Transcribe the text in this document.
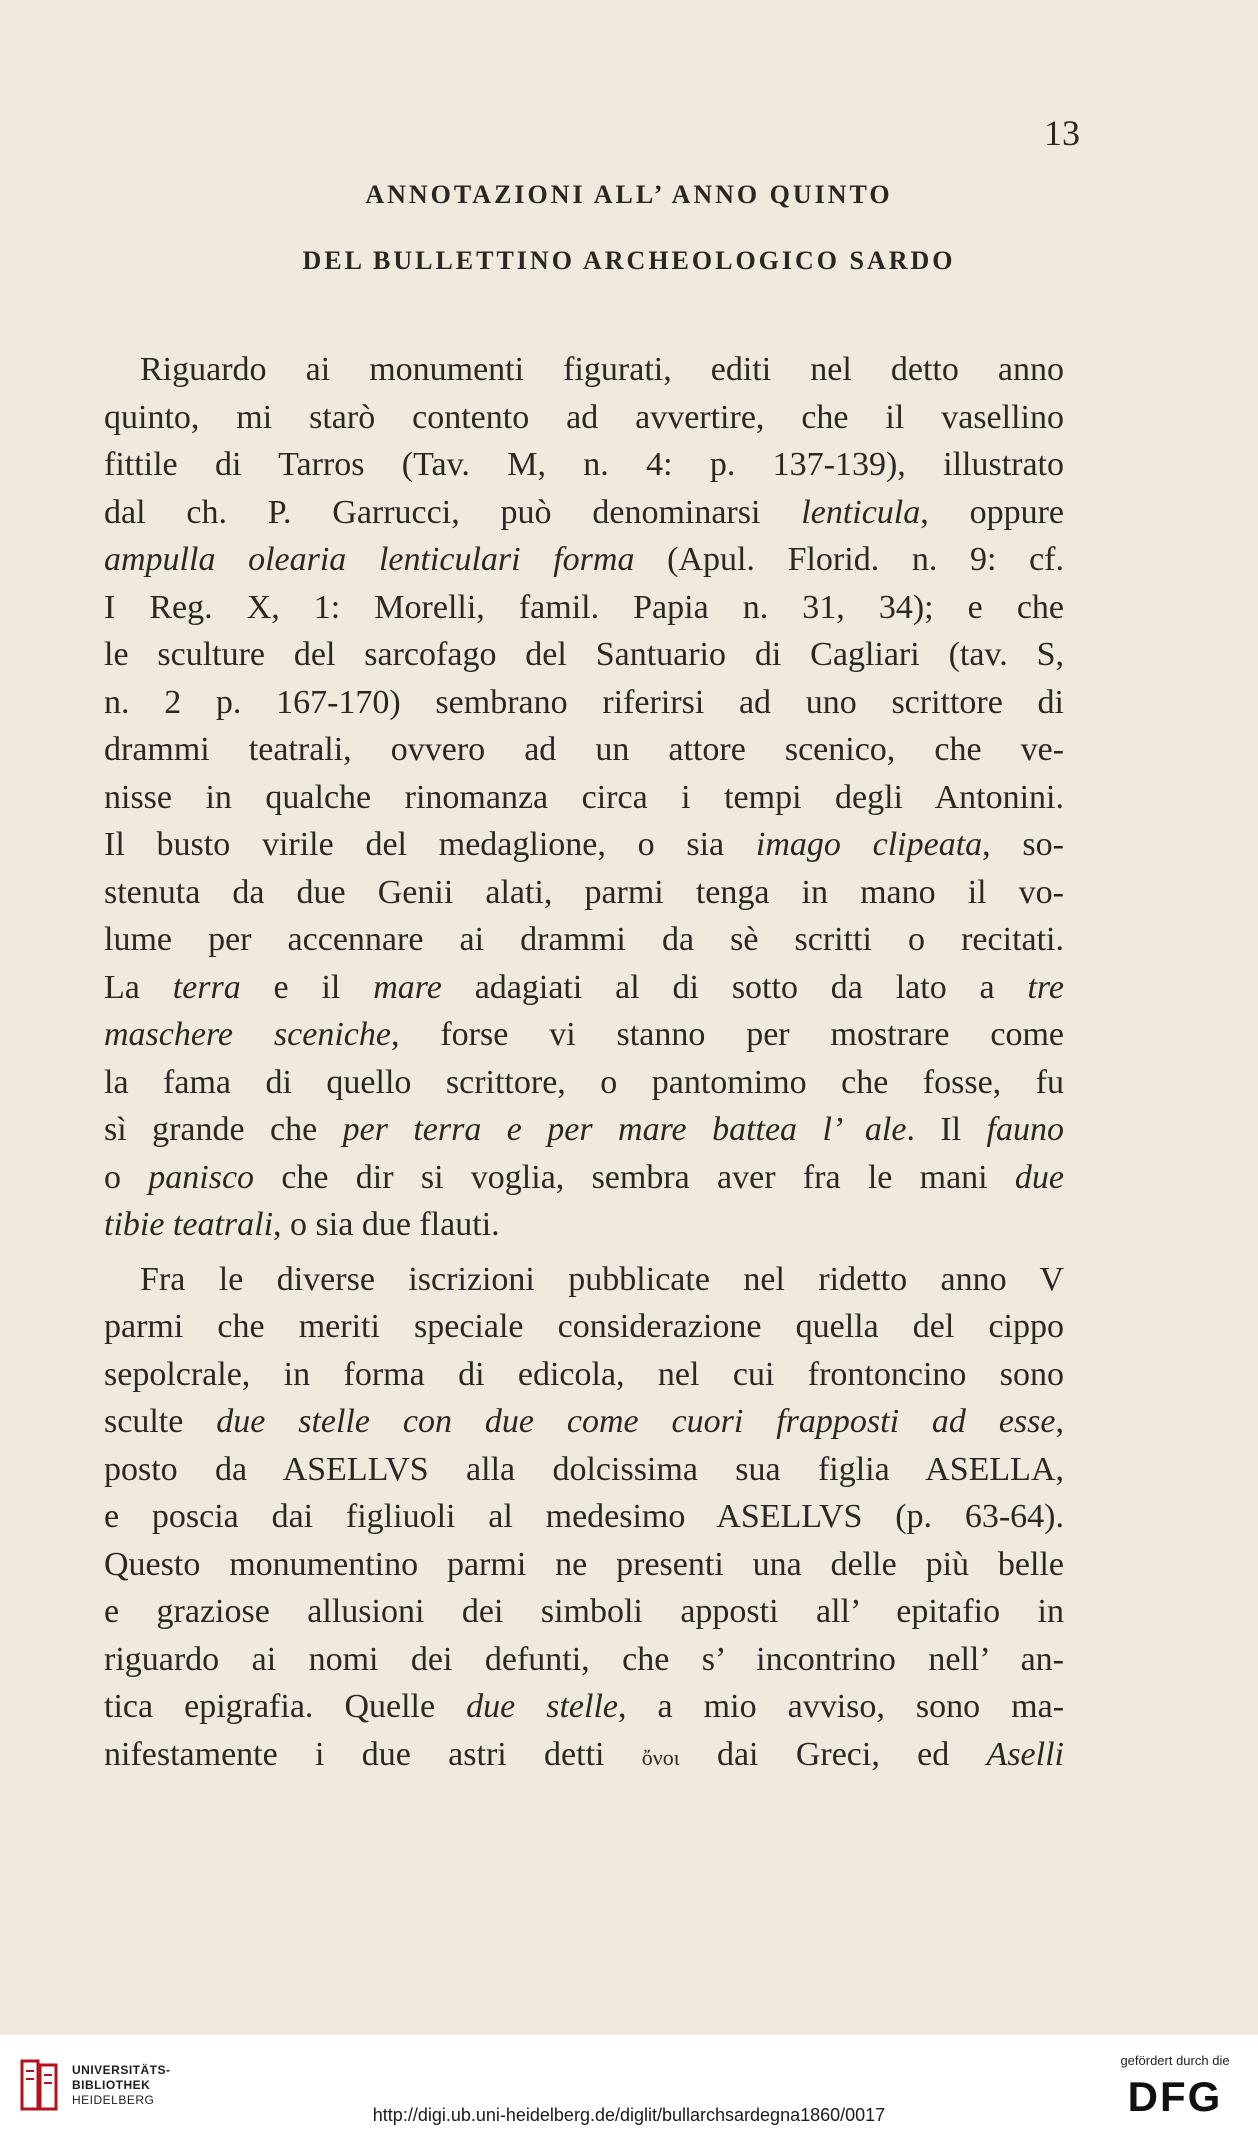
13
ANNOTAZIONI ALL’ ANNO QUINTO
DEL BULLETTINO ARCHEOLOGICO SARDO
Riguardo ai monumenti figurati, editi nel detto anno
quinto, mi starò contento ad avvertire, che il vasellino
fittile di Tarros (Tav. M, n. 4: p. 137-139), illustrato
dal ch. P. Garrucci, può denominarsi lenticula, oppure
ampulla olearia lenticulari forma (Apul. Florid. n. 9: cf.
I Reg. X, 1: Morelli, famil. Papia n. 31, 34); e che
le sculture del sarcofago del Santuario di Cagliari (tav. S,
n. 2 p. 167-170) sembrano riferirsi ad uno scrittore di
drammi teatrali, ovvero ad un attore scenico, che ve-
nisse in qualche rinomanza circa i tempi degli Antonini.
Il busto virile del medaglione, o sia imago clipeata, so-
stenuta da due Genii alati, parmi tenga in mano il vo-
lume per accennare ai drammi da sè scritti o recitati.
La terra e il mare adagiati al di sotto da lato a tre
maschere sceniche, forse vi stanno per mostrare come
la fama di quello scrittore, o pantomimo che fosse, fu
sì grande che per terra e per mare battea l’ ale. Il fauno
o panisco che dir si voglia, sembra aver fra le mani due
tibie teatrali, o sia due flauti.
Fra le diverse iscrizioni pubblicate nel ridetto anno V
parmi che meriti speciale considerazione quella del cippo
sepolcrale, in forma di edicola, nel cui frontoncino sono
sculte due stelle con due come cuori frapposti ad esse,
posto da ASELLVS alla dolcissima sua figlia ASELLA,
e poscia dai figliuoli al medesimo ASELLVS (p. 63-64).
Questo monumentino parmi ne presenti una delle più belle
e graziose allusioni dei simboli apposti all’ epitafio in
riguardo ai nomi dei defunti, che s’ incontrino nell’ an-
tica epigrafia. Quelle due stelle, a mio avviso, sono ma-
nifestamente i due astri detti ὄνοι dai Greci, ed Aselli
UNIVERSITÄTS-
BIBLIOTHEK
HEIDELBERG
http://digi.ub.uni-heidelberg.de/diglit/bullarchsardegna1860/0017
gefördert durch die
DFG
